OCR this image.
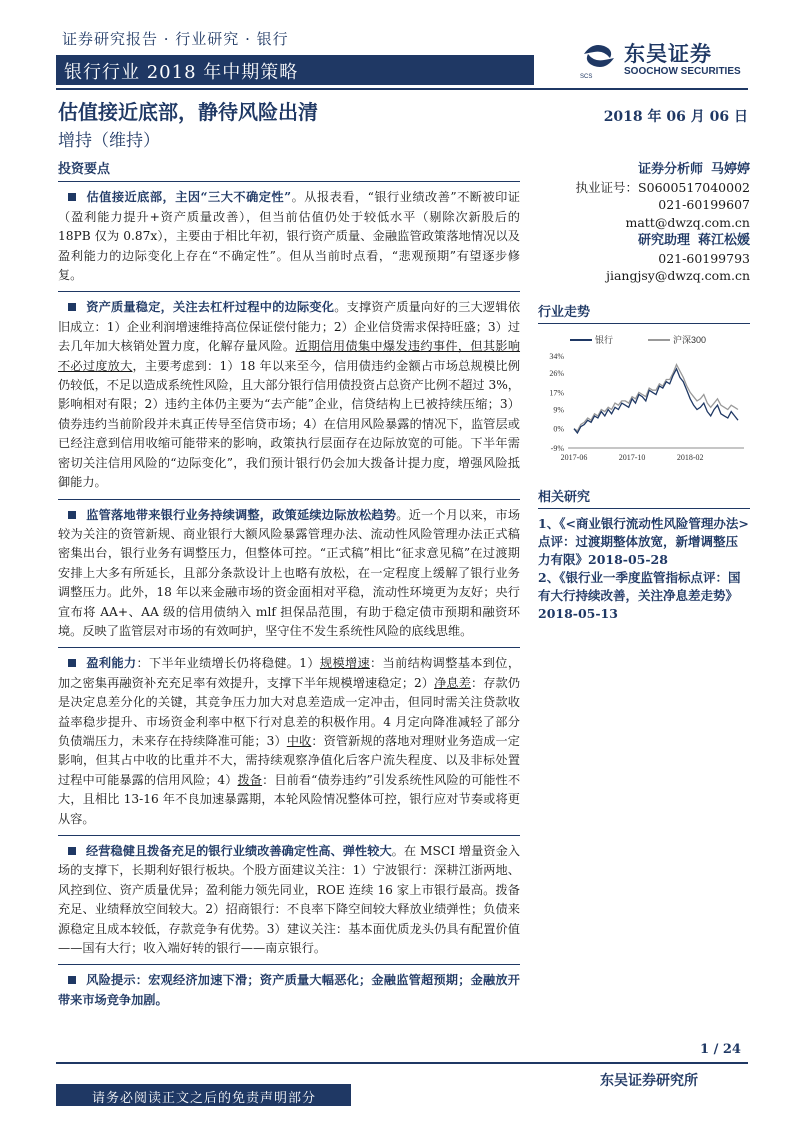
证券研究报告 · 行业研究 · 银行
银行行业 2018 年中期策略
东吴证券
SOOCHOW SECURITIES
SCS
估值接近底部，静待风险出清
增持（维持）
2018 年 06 月 06 日
投资要点
估值接近底部，主因“三大不确定性”。从报表看，“银行业绩改善”不断被印证（盈利能力提升+资产质量改善），但当前估值仍处于较低水平（剔除次新股后的 18PB 仅为 0.87x），主要由于相比年初，银行资产质量、金融监管政策落地情况以及盈利能力的边际变化上存在“不确定性”。但从当前时点看，“悲观预期”有望逐步修复。
资产质量稳定，关注去杠杆过程中的边际变化。支撑资产质量向好的三大逻辑依旧成立：1）企业利润增速维持高位保证偿付能力；2）企业信贷需求保持旺盛；3）过去几年加大核销处置力度，化解存量风险。近期信用债集中爆发违约事件，但其影响不必过度放大，主要考虑到：1）18 年以来至今，信用债违约金额占市场总规模比例仍较低，不足以造成系统性风险，且大部分银行信用债投资占总资产比例不超过 3%，影响相对有限；2）违约主体仍主要为“去产能”企业，信贷结构上已被持续压缩；3）债券违约当前阶段并未真正传导至信贷市场；4）在信用风险暴露的情况下，监管层或已经注意到信用收缩可能带来的影响，政策执行层面存在边际放宽的可能。下半年需密切关注信用风险的“边际变化”，我们预计银行仍会加大拨备计提力度，增强风险抵御能力。
监管落地带来银行业务持续调整，政策延续边际放松趋势。近一个月以来，市场较为关注的资管新规、商业银行大额风险暴露管理办法、流动性风险管理办法正式稿密集出台，银行业务有调整压力，但整体可控。“正式稿”相比“征求意见稿”在过渡期安排上大多有所延长，且部分条款设计上也略有放松，在一定程度上缓解了银行业务调整压力。此外，18 年以来金融市场的资金面相对平稳，流动性环境更为友好；央行宣布将 AA+、AA 级的信用债纳入 mlf 担保品范围，有助于稳定债市预期和融资环境。反映了监管层对市场的有效呵护，坚守住不发生系统性风险的底线思维。
盈利能力：下半年业绩增长仍将稳健。1）规模增速：当前结构调整基本到位，加之密集再融资补充充足率有效提升，支撑下半年规模增速稳定；2）净息差：存款仍是决定息差分化的关键，其竞争压力加大对息差造成一定冲击，但同时需关注贷款收益率稳步提升、市场资金利率中枢下行对息差的积极作用。4 月定向降准减轻了部分负债端压力，未来存在持续降准可能；3）中收：资管新规的落地对理财业务造成一定影响，但其占中收的比重并不大，需持续观察净值化后客户流失程度、以及非标处置过程中可能暴露的信用风险；4）拨备：目前看“债券违约”引发系统性风险的可能性不大，且相比 13-16 年不良加速暴露期，本轮风险情况整体可控，银行应对节奏或将更从容。
经营稳健且拨备充足的银行业绩改善确定性高、弹性较大。在 MSCI 增量资金入场的支撑下，长期利好银行板块。个股方面建议关注：1）宁波银行：深耕江浙两地、风控到位、资产质量优异；盈利能力领先同业，ROE 连续 16 家上市银行最高。拨备充足、业绩释放空间较大。2）招商银行：不良率下降空间较大释放业绩弹性；负债来源稳定且成本较低，存款竞争有优势。3）建议关注：基本面优质龙头仍具有配置价值——国有大行；收入端好转的银行——南京银行。
风险提示：宏观经济加速下滑；资产质量大幅恶化；金融监管超预期；金融放开带来市场竞争加剧。
证券分析师 马婷婷
执业证号：S0600517040002
021-60199607
matt@dwzq.com.cn
研究助理 蒋江松媛
021-60199793
jiangjsy@dwzq.com.cn
行业走势
银行	沪深300
34%
26%
17%
9%
0%
-9%
2017-06	2017-10	2018-02
相关研究
1、《<商业银行流动性风险管理办法>点评：过渡期整体放宽，新增调整压力有限》2018-05-28
2、《银行业一季度监管指标点评：国有大行持续改善，关注净息差走势》2018-05-13
1 / 24
东吴证券研究所
请务必阅读正文之后的免责声明部分
